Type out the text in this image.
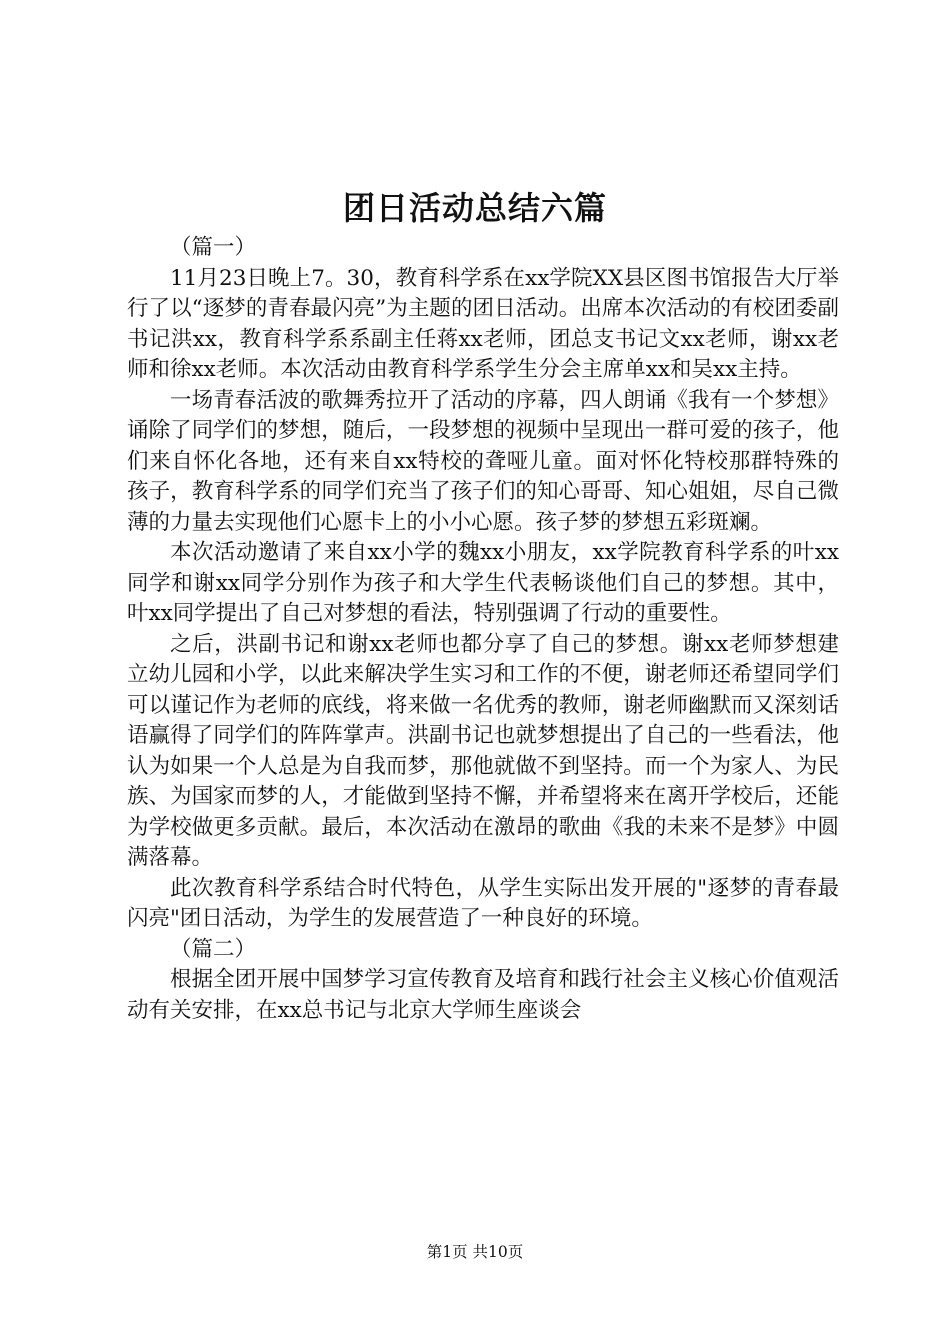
团日活动总结六篇

（篇一）

11月23日晚上7。30，教育科学系在xx学院XX县区图书馆报告大厅举行了以“逐梦的青春最闪亮”为主题的团日活动。出席本次活动的有校团委副书记洪xx，教育科学系系副主任蒋xx老师，团总支书记文xx老师，谢xx老师和徐xx老师。本次活动由教育科学系学生分会主席单xx和吴xx主持。

一场青春活波的歌舞秀拉开了活动的序幕，四人朗诵《我有一个梦想》诵除了同学们的梦想，随后，一段梦想的视频中呈现出一群可爱的孩子，他们来自怀化各地，还有来自xx特校的聋哑儿童。面对怀化特校那群特殊的孩子，教育科学系的同学们充当了孩子们的知心哥哥、知心姐姐，尽自己微薄的力量去实现他们心愿卡上的小小心愿。孩子梦的梦想五彩斑斓。

本次活动邀请了来自xx小学的魏xx小朋友，xx学院教育科学系的叶xx同学和谢xx同学分别作为孩子和大学生代表畅谈他们自己的梦想。其中，叶xx同学提出了自己对梦想的看法，特别强调了行动的重要性。

之后，洪副书记和谢xx老师也都分享了自己的梦想。谢xx老师梦想建立幼儿园和小学，以此来解决学生实习和工作的不便，谢老师还希望同学们可以谨记作为老师的底线，将来做一名优秀的教师，谢老师幽默而又深刻话语赢得了同学们的阵阵掌声。洪副书记也就梦想提出了自己的一些看法，他认为如果一个人总是为自我而梦，那他就做不到坚持。而一个为家人、为民族、为国家而梦的人，才能做到坚持不懈，并希望将来在离开学校后，还能为学校做更多贡献。最后，本次活动在激昂的歌曲《我的未来不是梦》中圆满落幕。

此次教育科学系结合时代特色，从学生实际出发开展的"逐梦的青春最闪亮"团日活动，为学生的发展营造了一种良好的环境。

（篇二）

根据全团开展中国梦学习宣传教育及培育和践行社会主义核心价值观活动有关安排，在xx总书记与北京大学师生座谈会

第1页 共10页
